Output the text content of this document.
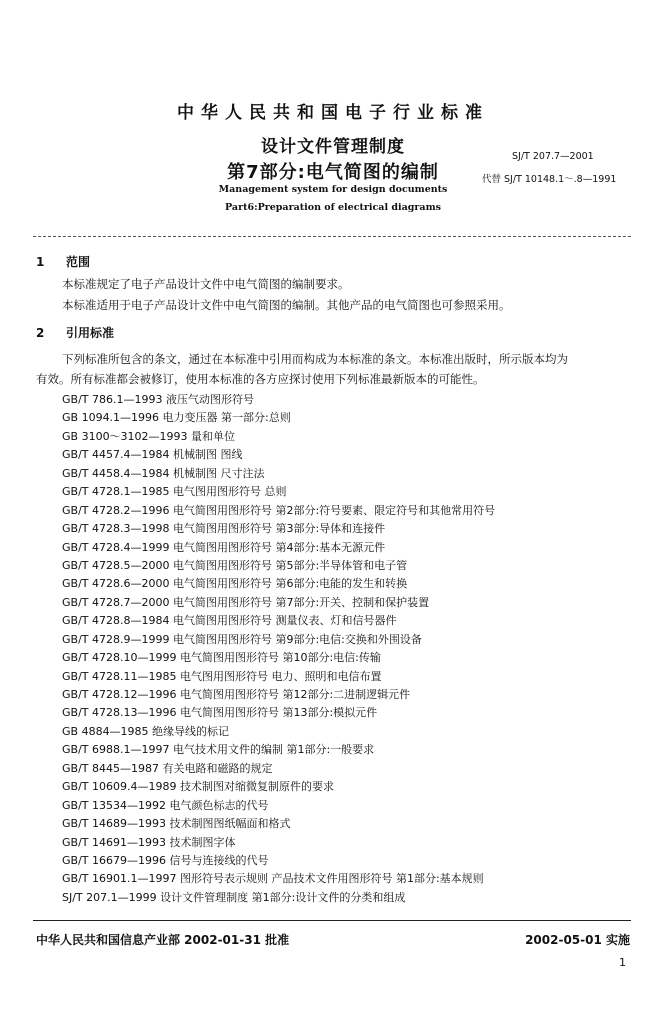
中华人民共和国电子行业标准
设计文件管理制度
第7部分:电气简图的编制
Management system for design documents
Part6:Preparation of electrical diagrams
SJ/T 207.7—2001
代替 SJ/T 10148.1～.8—1991
1 范围
本标准规定了电子产品设计文件中电气简图的编制要求。
本标准适用于电子产品设计文件中电气简图的编制。其他产品的电气简图也可参照采用。
2 引用标准
下列标准所包含的条文，通过在本标准中引用而构成为本标准的条文。本标准出版时，所示版本均为
有效。所有标准都会被修订，使用本标准的各方应探讨使用下列标准最新版本的可能性。
GB/T 786.1—1993 液压气动图形符号
GB 1094.1—1996 电力变压器 第一部分:总则
GB 3100～3102—1993 量和单位
GB/T 4457.4—1984 机械制图 图线
GB/T 4458.4—1984 机械制图 尺寸注法
GB/T 4728.1—1985 电气图用图形符号 总则
GB/T 4728.2—1996 电气简图用图形符号 第2部分:符号要素、限定符号和其他常用符号
GB/T 4728.3—1998 电气简图用图形符号 第3部分:导体和连接件
GB/T 4728.4—1999 电气简图用图形符号 第4部分:基本无源元件
GB/T 4728.5—2000 电气简图用图形符号 第5部分:半导体管和电子管
GB/T 4728.6—2000 电气简图用图形符号 第6部分:电能的发生和转换
GB/T 4728.7—2000 电气简图用图形符号 第7部分:开关、控制和保护装置
GB/T 4728.8—1984 电气简图用图形符号 测量仪表、灯和信号器件
GB/T 4728.9—1999 电气简图用图形符号 第9部分:电信:交换和外围设备
GB/T 4728.10—1999 电气简图用图形符号 第10部分:电信:传输
GB/T 4728.11—1985 电气图用图形符号 电力、照明和电信布置
GB/T 4728.12—1996 电气简图用图形符号 第12部分:二进制逻辑元件
GB/T 4728.13—1996 电气简图用图形符号 第13部分:模拟元件
GB 4884—1985 绝缘导线的标记
GB/T 6988.1—1997 电气技术用文件的编制 第1部分:一般要求
GB/T 8445—1987 有关电路和磁路的规定
GB/T 10609.4—1989 技术制图对缩微复制原件的要求
GB/T 13534—1992 电气颜色标志的代号
GB/T 14689—1993 技术制图图纸幅面和格式
GB/T 14691—1993 技术制图字体
GB/T 16679—1996 信号与连接线的代号
GB/T 16901.1—1997 图形符号表示规则 产品技术文件用图形符号 第1部分:基本规则
SJ/T 207.1—1999 设计文件管理制度 第1部分:设计文件的分类和组成
中华人民共和国信息产业部 2002-01-31 批准	2002-05-01 实施
1
